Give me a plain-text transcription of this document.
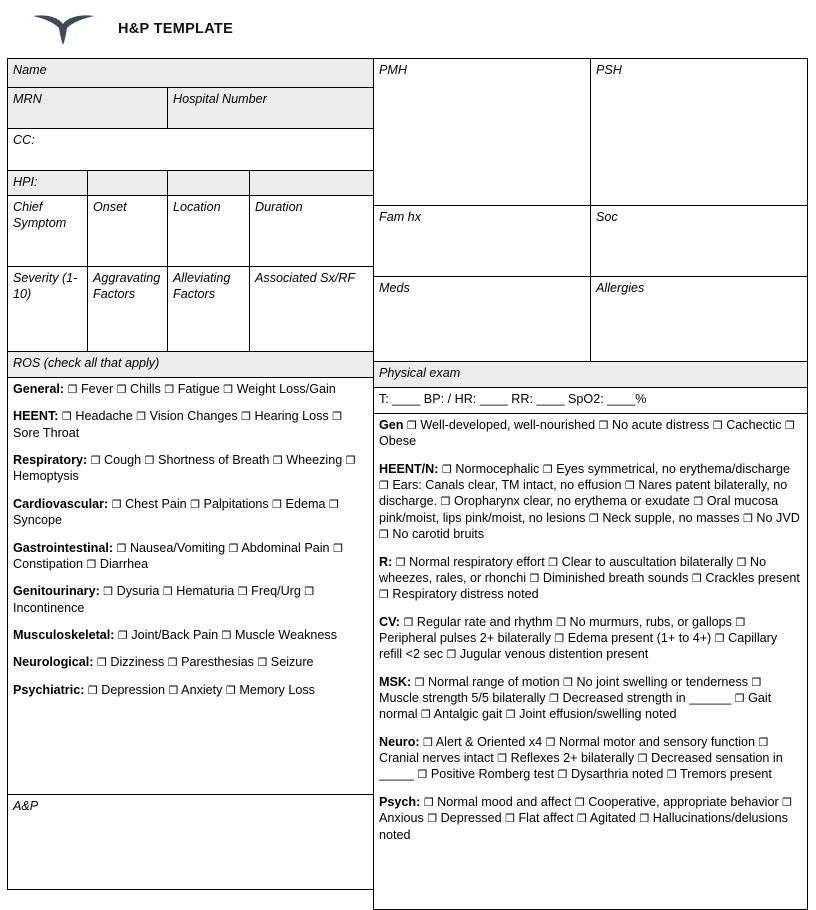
H&P TEMPLATE
Name			
MRN		Hospital Number	
CC:			
HPI:			
Chief Symptom	Onset	Location	Duration
Severity (1-10)	Aggravating Factors	Alleviating Factors	Associated Sx/RF
ROS (check all that apply)

General: ❐ Fever ❐ Chills ❐ Fatigue ❐ Weight Loss/Gain
HEENT: ❐ Headache ❐ Vision Changes ❐ Hearing Loss ❐ Sore Throat
Respiratory: ❐ Cough ❐ Shortness of Breath ❐ Wheezing ❐ Hemoptysis
Cardiovascular: ❐ Chest Pain ❐ Palpitations ❐ Edema ❐ Syncope
Gastrointestinal: ❐ Nausea/Vomiting ❐ Abdominal Pain ❐ Constipation ❐ Diarrhea
Genitourinary: ❐ Dysuria ❐ Hematuria ❐ Freq/Urg ❐ Incontinence
Musculoskeletal: ❐ Joint/Back Pain ❐ Muscle Weakness
Neurological: ❐ Dizziness ❐ Paresthesias ❐ Seizure
Psychiatric: ❐ Depression ❐ Anxiety ❐ Memory Loss

A&P
PMH	PSH
Fam hx	Soc
Meds	Allergies
Physical exam
T: ____ BP: / HR: ____ RR: ____ SpO2: ____%

Gen ❐ Well-developed, well-nourished ❐ No acute distress ❐ Cachectic ❐ Obese
HEENT/N: ❐ Normocephalic ❐ Eyes symmetrical, no erythema/discharge ❐ Ears: Canals clear, TM intact, no effusion ❐ Nares patent bilaterally, no discharge. ❐ Oropharynx clear, no erythema or exudate ❐ Oral mucosa pink/moist, lips pink/moist, no lesions ❐ Neck supple, no masses ❐ No JVD ❐ No carotid bruits
R: ❐ Normal respiratory effort ❐ Clear to auscultation bilaterally ❐ No wheezes, rales, or rhonchi ❐ Diminished breath sounds ❐ Crackles present ❐ Respiratory distress noted
CV: ❐ Regular rate and rhythm ❐ No murmurs, rubs, or gallops ❐ Peripheral pulses 2+ bilaterally ❐ Edema present (1+ to 4+) ❐ Capillary refill <2 sec ❐ Jugular venous distention present
MSK: ❐ Normal range of motion ❐ No joint swelling or tenderness ❐ Muscle strength 5/5 bilaterally ❐ Decreased strength in ______ ❐ Gait normal ❐ Antalgic gait ❐ Joint effusion/swelling noted
Neuro: ❐ Alert & Oriented x4 ❐ Normal motor and sensory function ❐ Cranial nerves intact ❐ Reflexes 2+ bilaterally ❐ Decreased sensation in _____ ❐ Positive Romberg test ❐ Dysarthria noted ❐ Tremors present
Psych: ❐ Normal mood and affect ❐ Cooperative, appropriate behavior ❐ Anxious ❐ Depressed ❐ Flat affect ❐ Agitated ❐ Hallucinations/delusions noted
